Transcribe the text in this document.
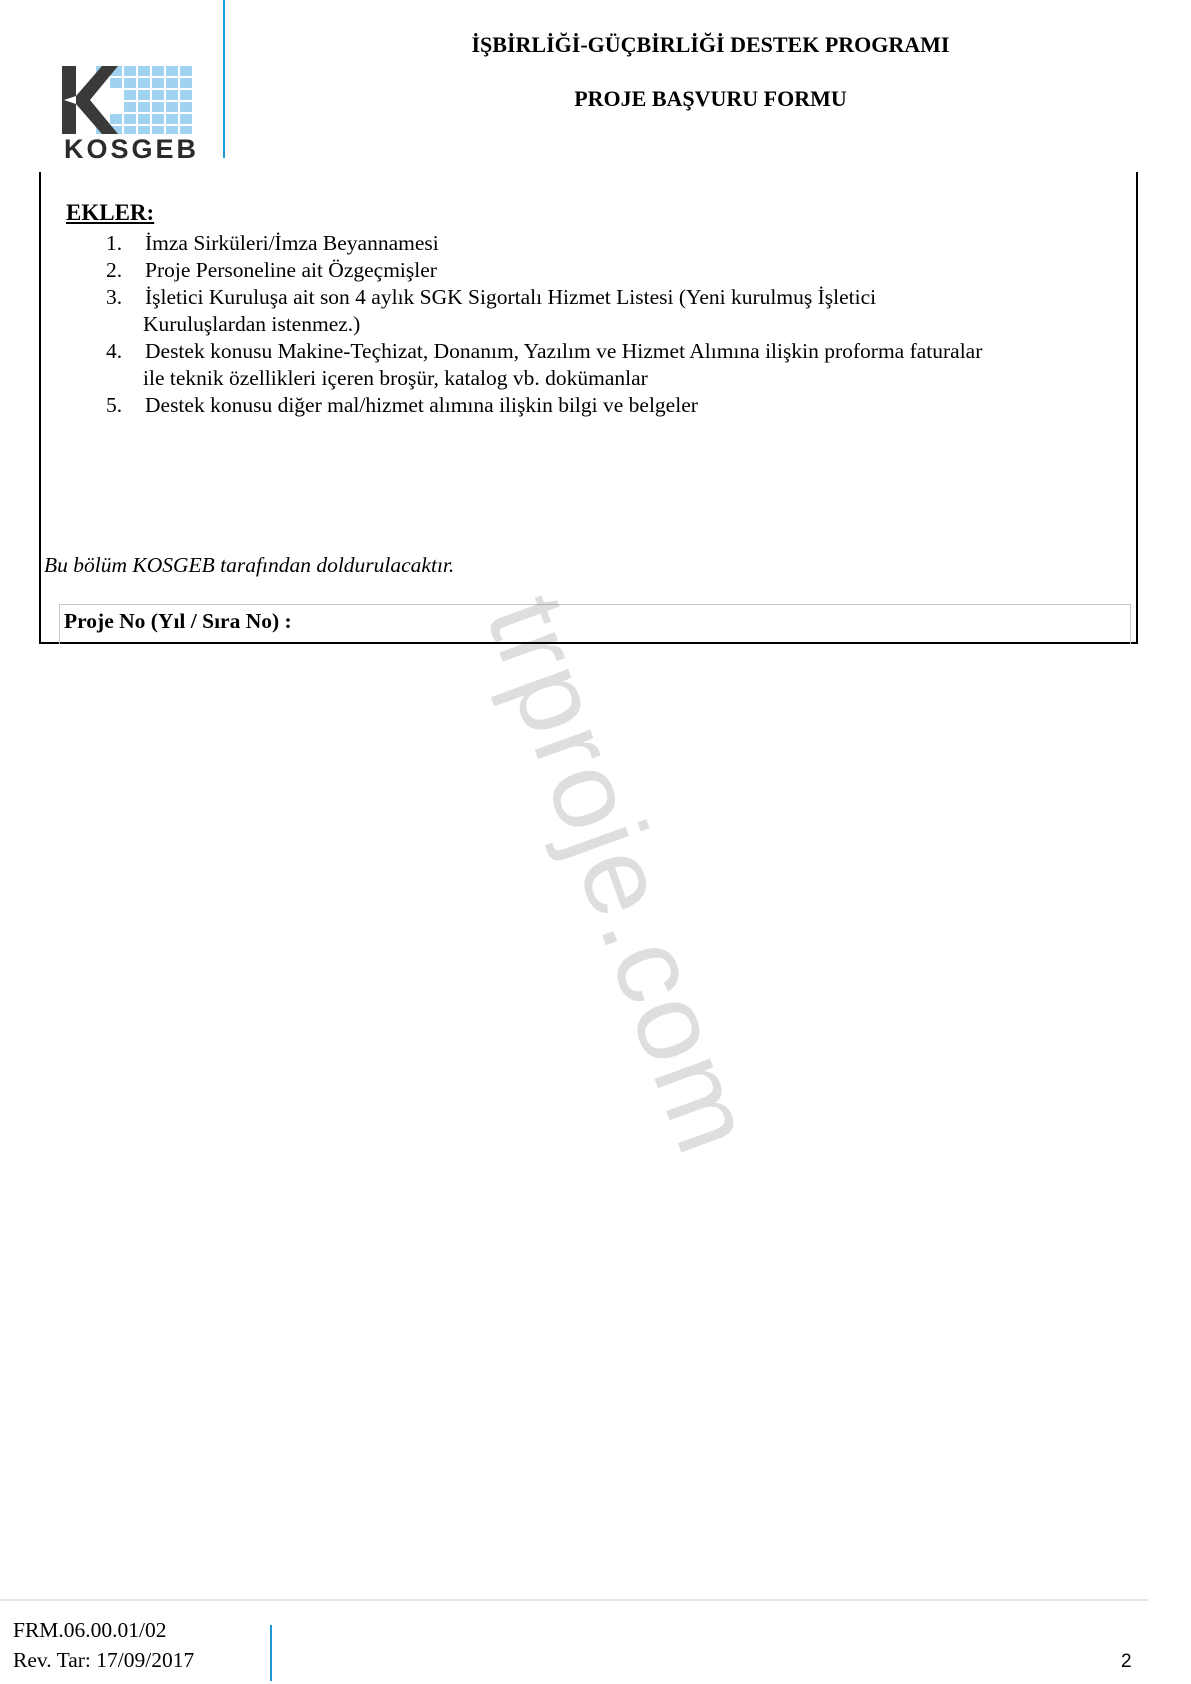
KOSGEB
İŞBİRLİĞİ-GÜÇBİRLİĞİ DESTEK PROGRAMI
PROJE BAŞVURU FORMU
EKLER:
1. İmza Sirküleri/İmza Beyannamesi
2. Proje Personeline ait Özgeçmişler
3. İşletici Kuruluşa ait son 4 aylık SGK Sigortalı Hizmet Listesi (Yeni kurulmuş İşletici
Kuruluşlardan istenmez.)
4. Destek konusu Makine-Teçhizat, Donanım, Yazılım ve Hizmet Alımına ilişkin proforma faturalar
ile teknik özellikleri içeren broşür, katalog vb. dokümanlar
5. Destek konusu diğer mal/hizmet alımına ilişkin bilgi ve belgeler
Bu bölüm KOSGEB tarafından doldurulacaktır.
Proje No (Yıl / Sıra No) : trproje.com
FRM.06.00.01/02
Rev. Tar: 17/09/2017	2
